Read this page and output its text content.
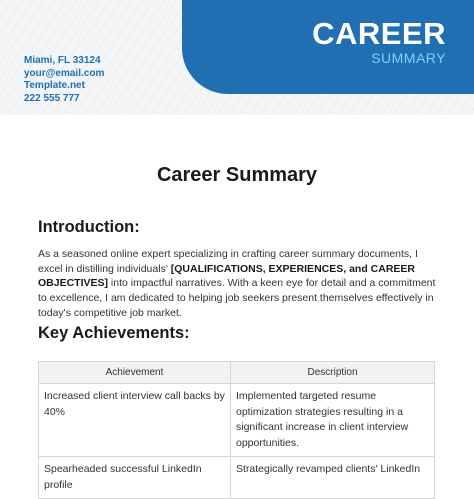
CAREER
SUMMARY
Miami, FL 33124
your@email.com
Template.net
222 555 777
Career Summary
Introduction:
As a seasoned online expert specializing in crafting career summary documents, I excel in distilling individuals' [QUALIFICATIONS, EXPERIENCES, and CAREER OBJECTIVES] into impactful narratives. With a keen eye for detail and a commitment to excellence, I am dedicated to helping job seekers present themselves effectively in today's competitive job market.
Key Achievements:
Achievement	Description
Increased client interview call backs by 40%	Implemented targeted resume optimization strategies resulting in a significant increase in client interview opportunities.
Spearheaded successful LinkedIn profile	Strategically revamped clients' LinkedIn
